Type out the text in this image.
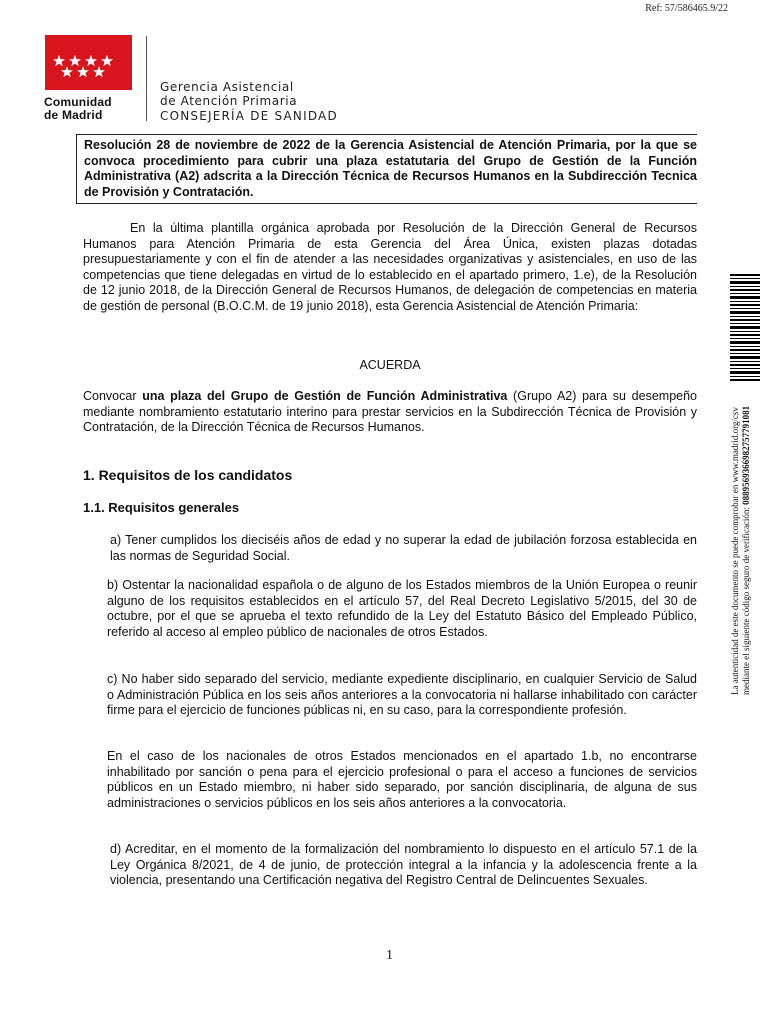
Ref: 57/586465.9/22
Comunidad
de Madrid
Gerencia Asistencial
de Atención Primaria
CONSEJERÍA DE SANIDAD
Resolución 28 de noviembre de 2022 de la Gerencia Asistencial de Atención Primaria, por la que se convoca procedimiento para cubrir una plaza estatutaria del Grupo de Gestión de la Función Administrativa (A2) adscrita a la Dirección Técnica de Recursos Humanos en la Subdirección Tecnica de Provisión y Contratación.
En la última plantilla orgánica aprobada por Resolución de la Dirección General de Recursos Humanos para Atención Primaria de esta Gerencia del Área Única, existen plazas dotadas presupuestariamente y con el fin de atender a las necesidades organizativas y asistenciales, en uso de las competencias que tiene delegadas en virtud de lo establecido en el apartado primero, 1.e), de la Resolución de 12 junio 2018, de la Dirección General de Recursos Humanos, de delegación de competencias en materia de gestión de personal (B.O.C.M. de 19 junio 2018), esta Gerencia Asistencial de Atención Primaria:
ACUERDA
Convocar una plaza del Grupo de Gestión de Función Administrativa (Grupo A2) para su desempeño mediante nombramiento estatutario interino para prestar servicios en la Subdirección Técnica de Provisión y Contratación, de la Dirección Técnica de Recursos Humanos.
1. Requisitos de los candidatos
1.1. Requisitos generales
a) Tener cumplidos los dieciséis años de edad y no superar la edad de jubilación forzosa establecida en las normas de Seguridad Social.
b) Ostentar la nacionalidad española o de alguno de los Estados miembros de la Unión Europea o reunir alguno de los requisitos establecidos en el artículo 57, del Real Decreto Legislativo 5/2015, del 30 de octubre, por el que se aprueba el texto refundido de la Ley del Estatuto Básico del Empleado Público, referido al acceso al empleo público de nacionales de otros Estados.
c) No haber sido separado del servicio, mediante expediente disciplinario, en cualquier Servicio de Salud o Administración Pública en los seis años anteriores a la convocatoria ni hallarse inhabilitado con carácter firme para el ejercicio de funciones públicas ni, en su caso, para la correspondiente profesión.
En el caso de los nacionales de otros Estados mencionados en el apartado 1.b, no encontrarse inhabilitado por sanción o pena para el ejercicio profesional o para el acceso a funciones de servicios públicos en un Estado miembro, ni haber sido separado, por sanción disciplinaria, de alguna de sus administraciones o servicios públicos en los seis años anteriores a la convocatoria.
d) Acreditar, en el momento de la formalización del nombramiento lo dispuesto en el artículo 57.1 de la Ley Orgánica 8/2021, de 4 de junio, de protección integral a la infancia y la adolescencia frente a la violencia, presentando una Certificación negativa del Registro Central de Delincuentes Sexuales.
1
La autenticidad de este documento se puede comprobar en www.madrid.org/csv mediante el siguiente código seguro de verificación: 0889569366982757791081
